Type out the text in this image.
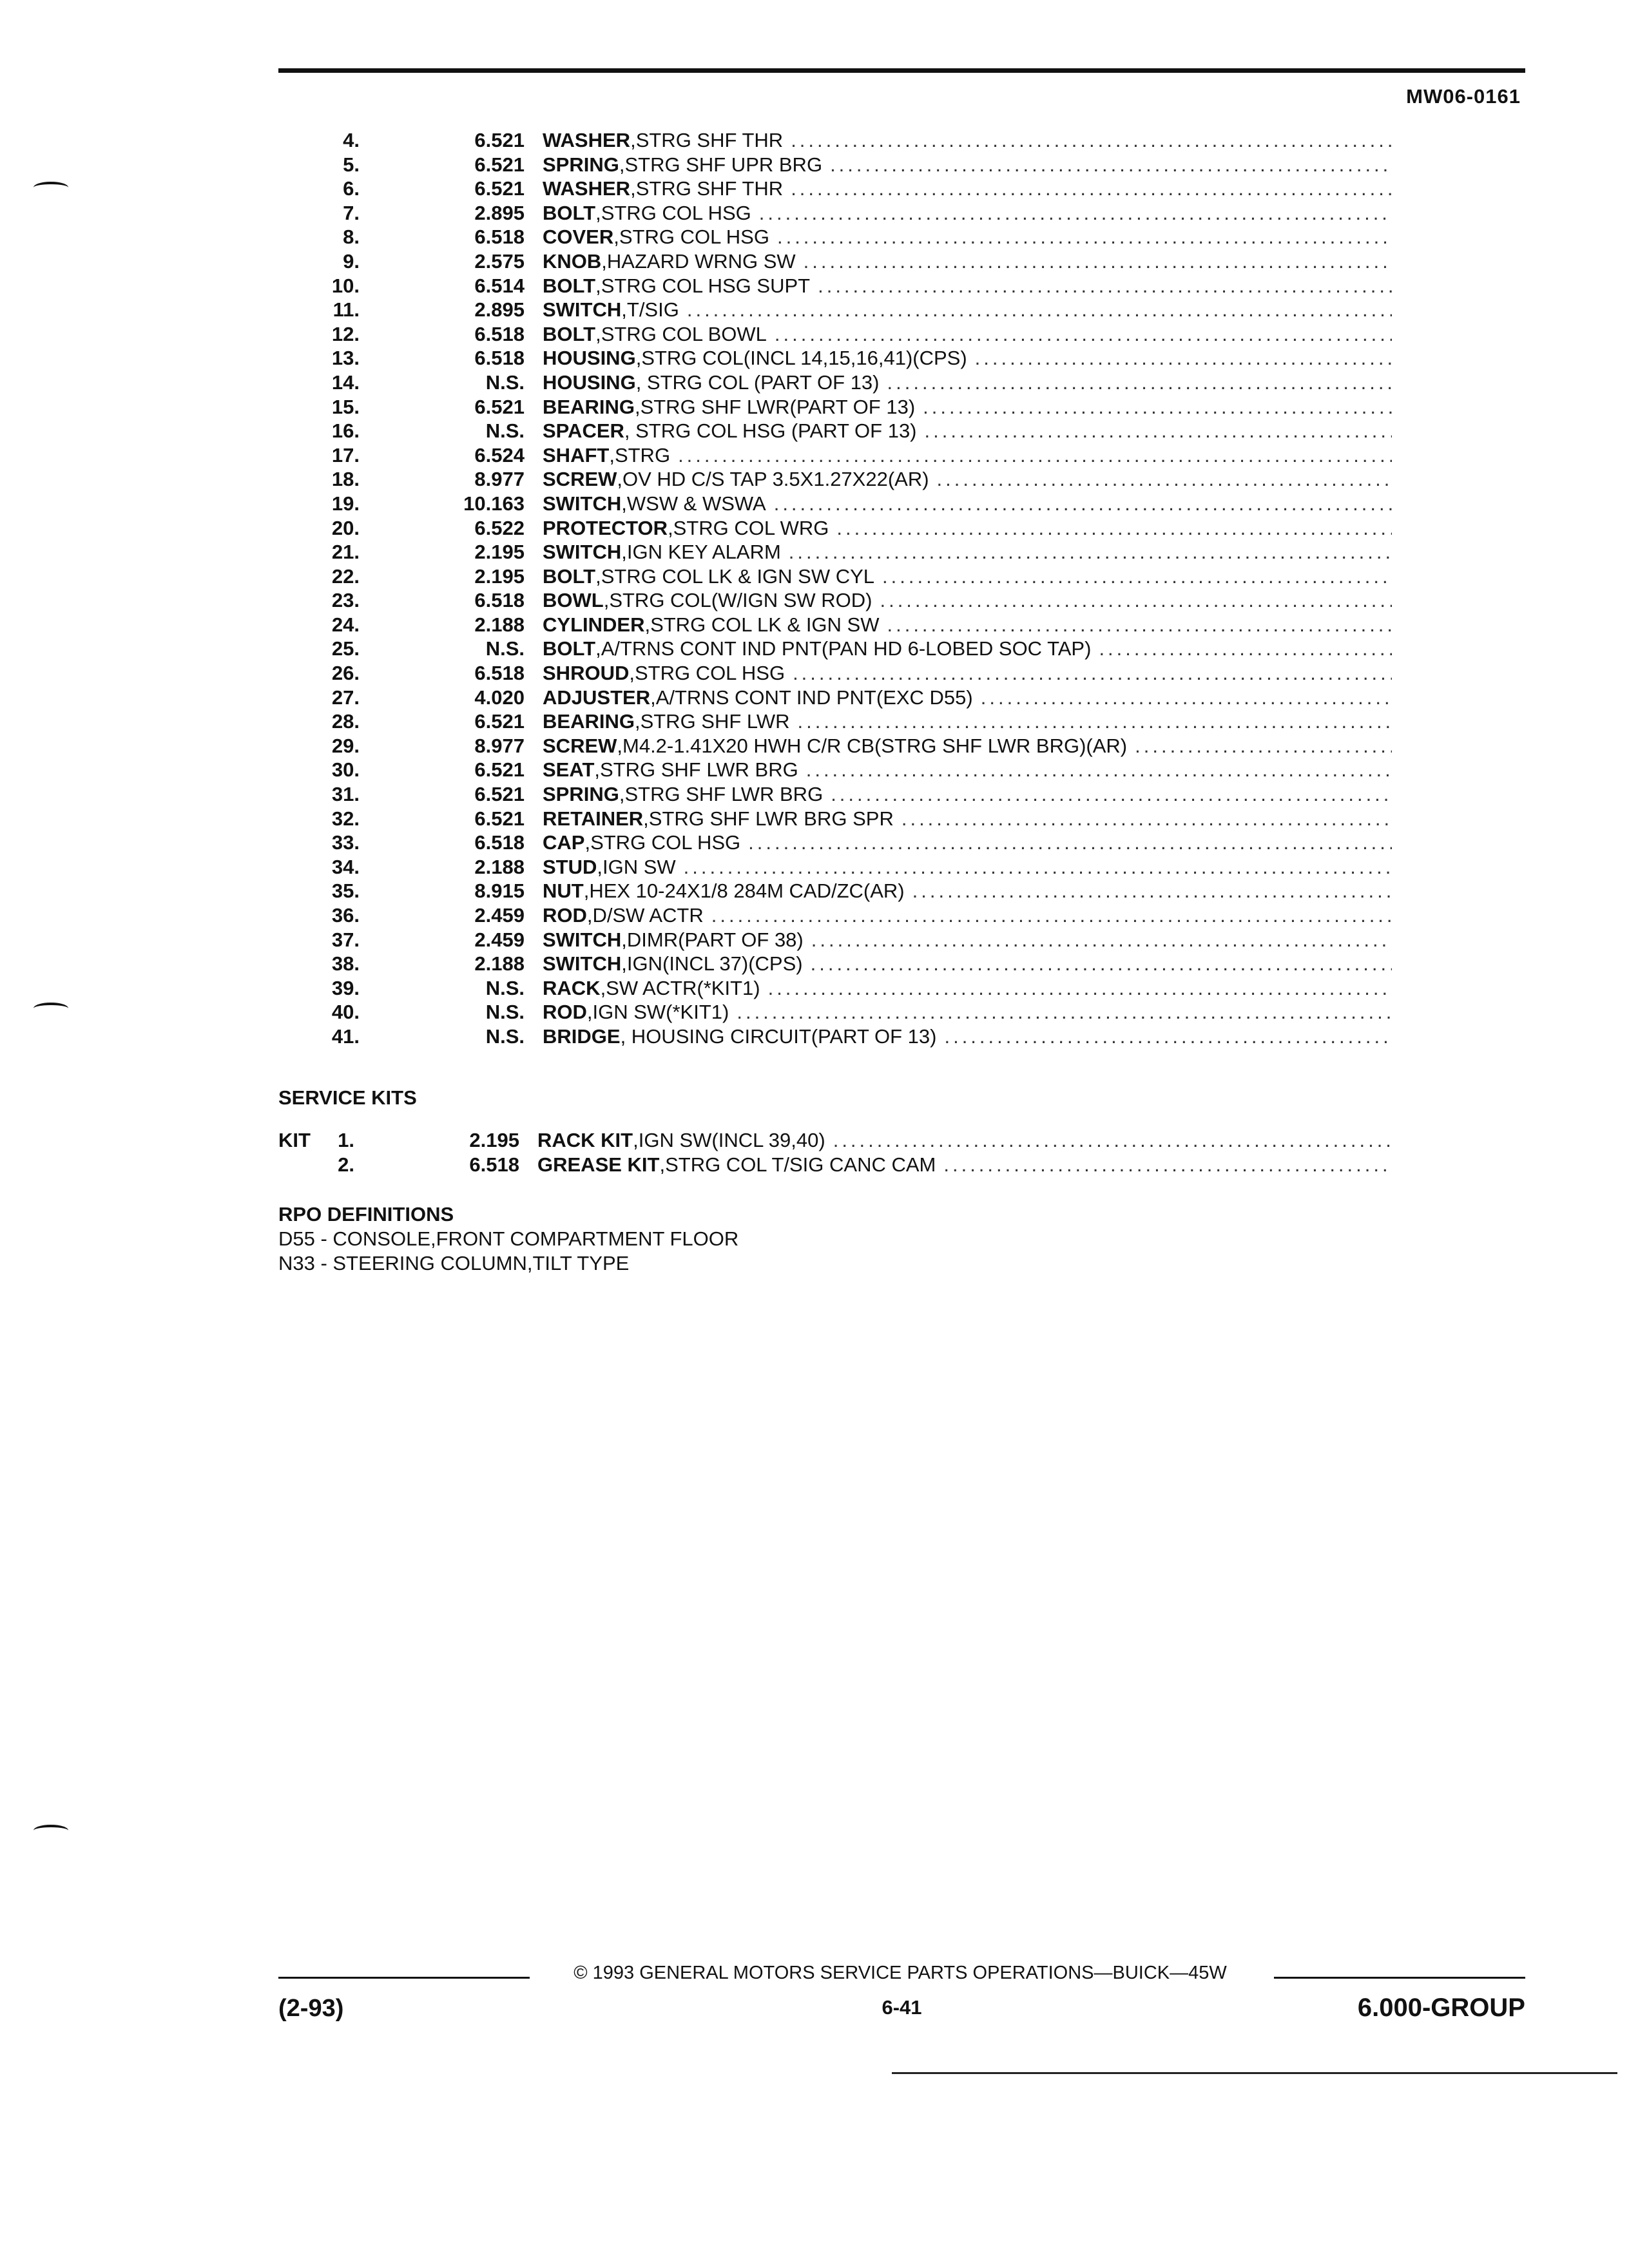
MW06-0161
4.	6.521 WASHER ,STRG SHF THR
.....
5.	6.521 SPRING ,STRG SHF UPR BRG
.....
6.	6.521 WASHER ,STRG SHF THR
.....
7.	2.895 BOLT ,STRG COL HSG
.....
8.	6.518 COVER ,STRG COL HSG
.....
9.	2.575 KNOB ,HAZARD WRNG SW
.....
10.	6.514 BOLT ,STRG COL HSG SUPT
.....
11.	2.895 SWITCH ,T/SIG
.....
12.	6.518 BOLT ,STRG COL BOWL
.....
13.	6.518 HOUSING ,STRG COL(INCL 14,15,16,41)(CPS)
.....
14.	N.S. HOUSING , STRG COL (PART OF 13)
.....
15.	6.521 BEARING ,STRG SHF LWR(PART OF 13)
.....
16.	N.S. SPACER , STRG COL HSG (PART OF 13)
.....
17.	6.524 SHAFT ,STRG
.....
18.	8.977 SCREW ,OV HD C/S TAP 3.5X1.27X22(AR)
.....
19.	10.163 SWITCH ,WSW & WSWA
.....
20.	6.522 PROTECTOR ,STRG COL WRG
.....
21.	2.195 SWITCH ,IGN KEY ALARM
.....
22.	2.195 BOLT ,STRG COL LK & IGN SW CYL
.....
23.	6.518 BOWL ,STRG COL(W/IGN SW ROD)
.....
24.	2.188 CYLINDER ,STRG COL LK & IGN SW
.....
25.	N.S. BOLT ,A/TRNS CONT IND PNT(PAN HD 6-LOBED SOC TAP)
.....
26.	6.518 SHROUD ,STRG COL HSG
.....
27.	4.020 ADJUSTER ,A/TRNS CONT IND PNT(EXC D55)
.....
28.	6.521 BEARING ,STRG SHF LWR
.....
29.	8.977 SCREW ,M4.2-1.41X20 HWH C/R CB(STRG SHF LWR BRG)(AR)
.....
30.	6.521 SEAT ,STRG SHF LWR BRG
.....
31.	6.521 SPRING ,STRG SHF LWR BRG
.....
32.	6.521 RETAINER ,STRG SHF LWR BRG SPR
.....
33.	6.518 CAP ,STRG COL HSG
.....
34.	2.188 STUD ,IGN SW
.....
35.	8.915 NUT ,HEX 10-24X1/8 284M CAD/ZC(AR)
.....
36.	2.459 ROD ,D/SW ACTR
.....
37.	2.459 SWITCH ,DIMR(PART OF 38)
.....
38.	2.188 SWITCH ,IGN(INCL 37)(CPS)
.....
39.	N.S. RACK ,SW ACTR(*KIT1)
.....
40.	N.S. ROD ,IGN SW(*KIT1)
.....
41.	N.S. BRIDGE , HOUSING CIRCUIT(PART OF 13)
.....
SERVICE KITS
KIT	1.	2.195 RACK KIT ,IGN SW(INCL 39,40)
.....
2.	6.518 GREASE KIT ,STRG COL T/SIG CANC CAM
.....
RPO DEFINITIONS
D55 - CONSOLE,FRONT COMPARTMENT FLOOR
N33 - STEERING COLUMN,TILT TYPE
© 1993 GENERAL MOTORS SERVICE PARTS OPERATIONS—BUICK—45W
(2-93)	6-41	6.000-GROUP
